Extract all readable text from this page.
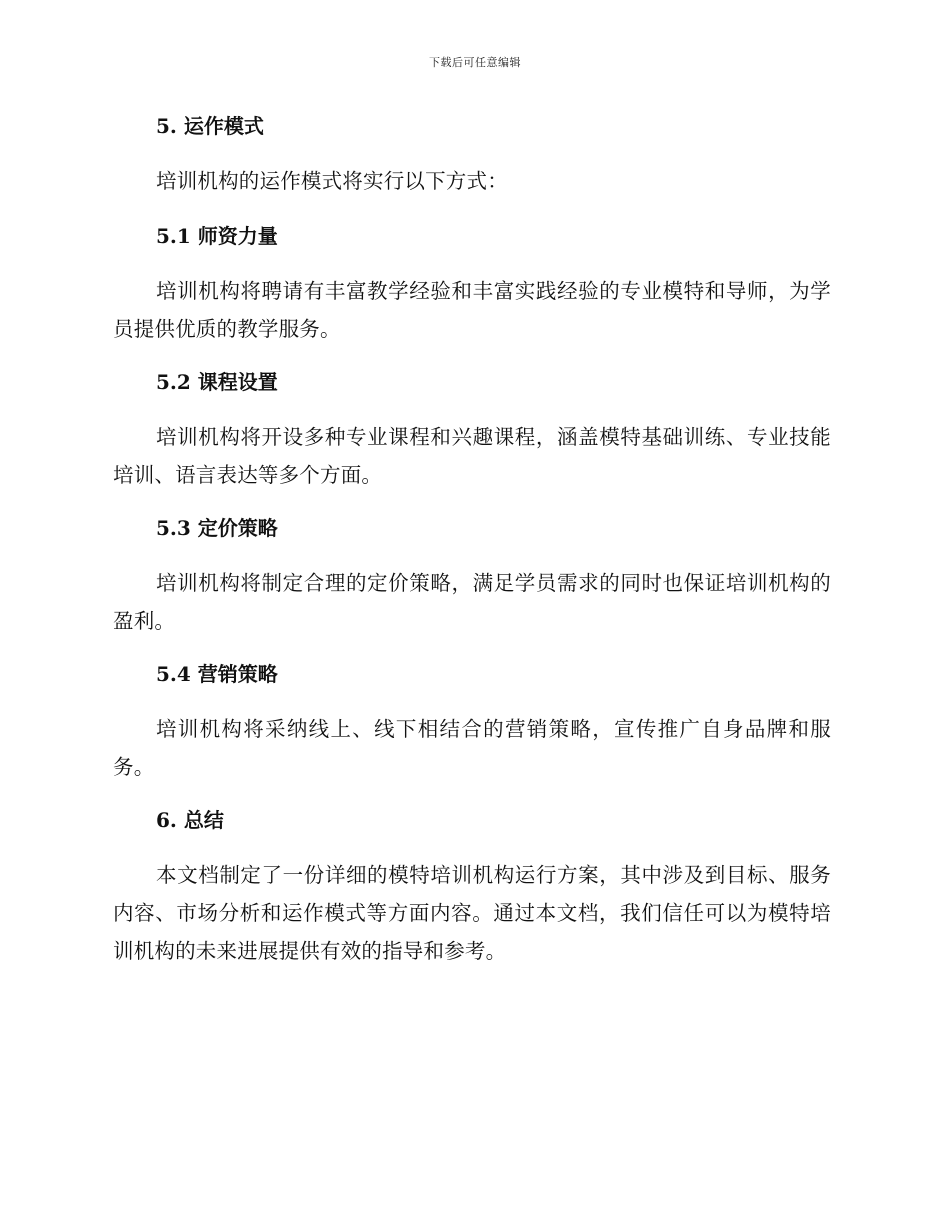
下载后可任意编辑
5. 运作模式

培训机构的运作模式将实行以下方式：

5.1 师资力量

培训机构将聘请有丰富教学经验和丰富实践经验的专业模特和导师，为学员提供优质的教学服务。

5.2 课程设置

培训机构将开设多种专业课程和兴趣课程，涵盖模特基础训练、专业技能培训、语言表达等多个方面。

5.3 定价策略

培训机构将制定合理的定价策略，满足学员需求的同时也保证培训机构的盈利。

5.4 营销策略

培训机构将采纳线上、线下相结合的营销策略，宣传推广自身品牌和服务。

6. 总结

本文档制定了一份详细的模特培训机构运行方案，其中涉及到目标、服务内容、市场分析和运作模式等方面内容。通过本文档，我们信任可以为模特培训机构的未来进展提供有效的指导和参考。
